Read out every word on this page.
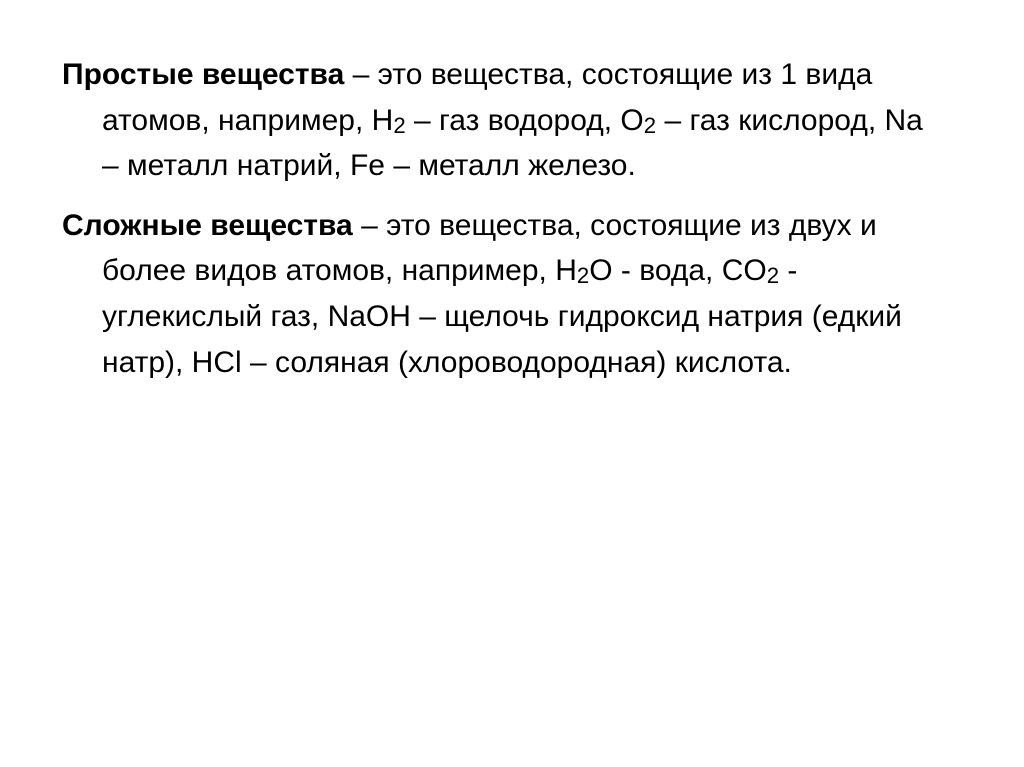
Простые вещества – это вещества, состоящие из 1 вида атомов, например, H2 – газ водород, O2 – газ кислород, Na – металл натрий, Fe – металл железо.

Сложные вещества – это вещества, состоящие из двух и более видов атомов, например, H2O - вода, CO2 - углекислый газ, NaOH – щелочь гидроксид натрия (едкий натр), HCl – соляная (хлороводородная) кислота.
